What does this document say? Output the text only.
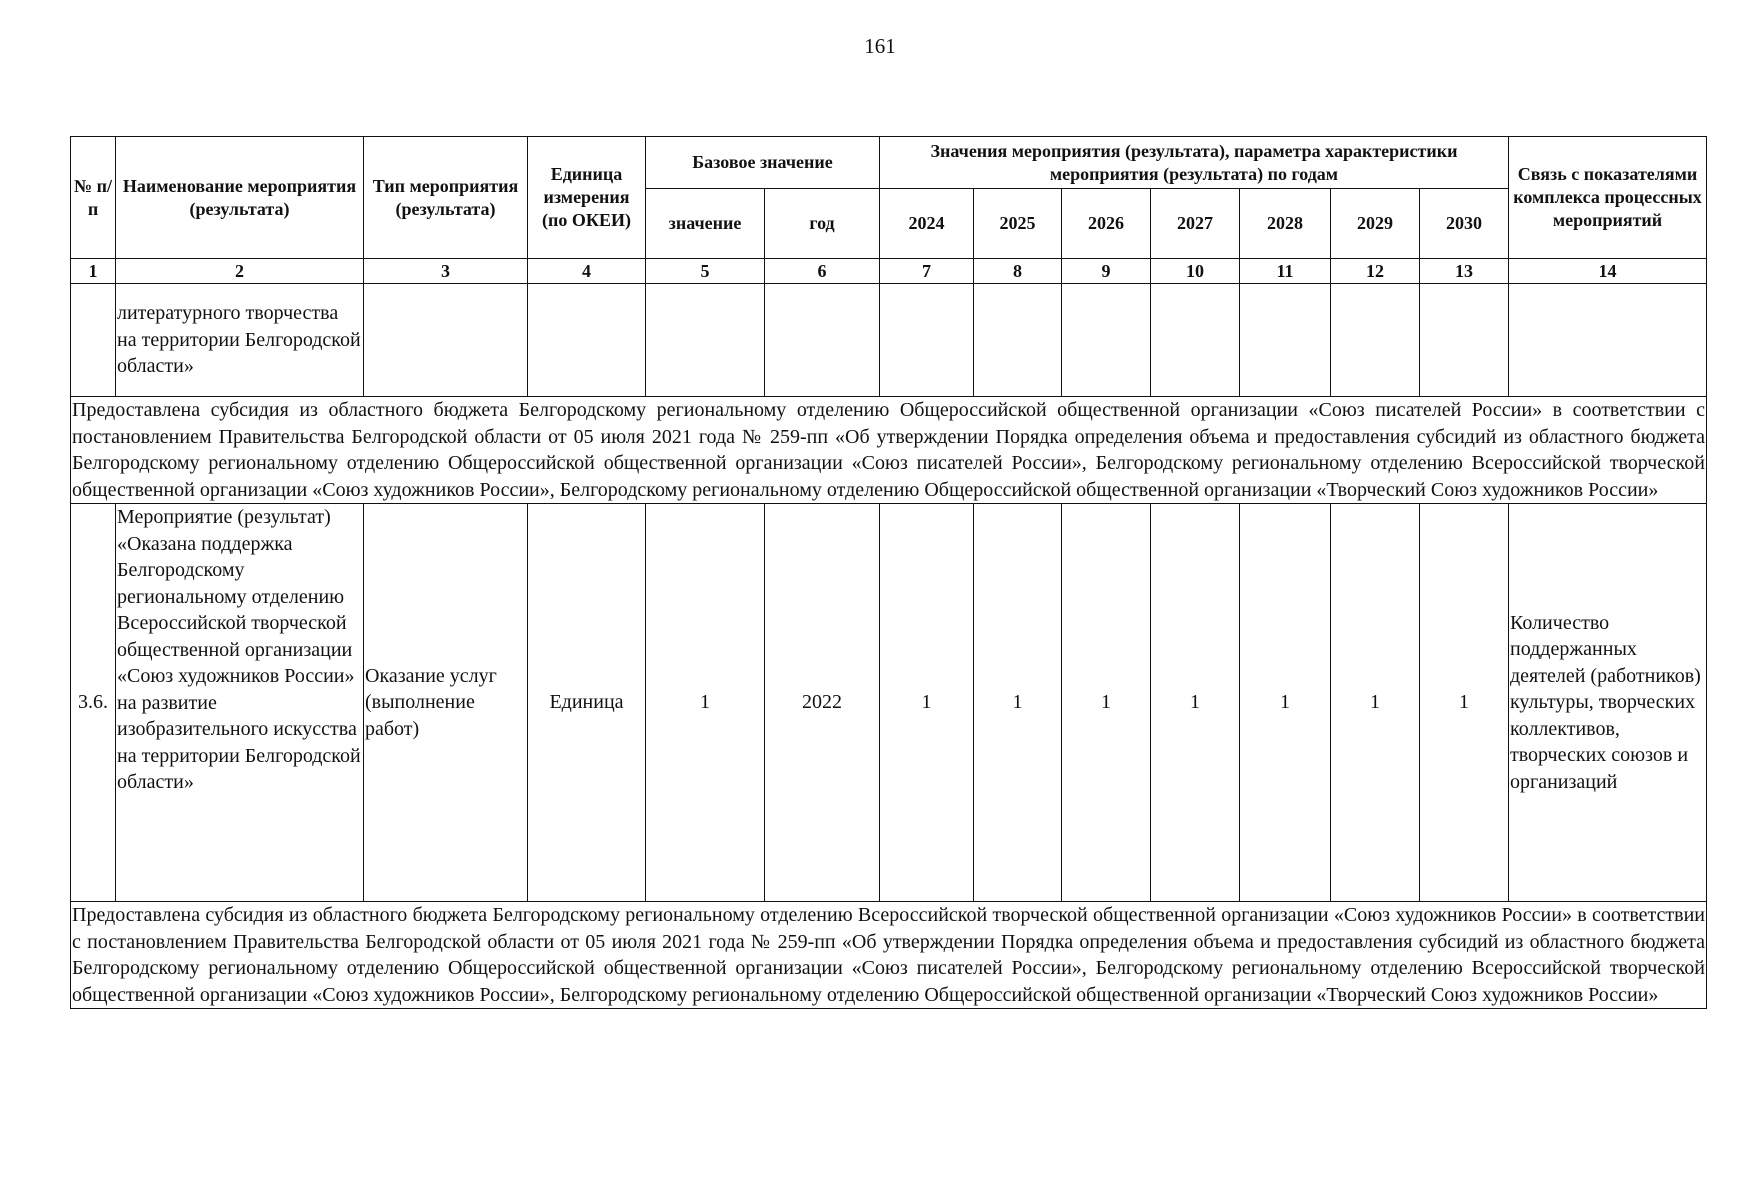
161
№ п/п	Наименование мероприятия (результата)	Тип мероприятия (результата)	Единица измерения (по ОКЕИ)	Базовое значение		Значения мероприятия (результата), параметра характеристики мероприятия (результата) по годам							Связь с показателями комплекса процессных мероприятий
				значение	год	2024	2025	2026	2027	2028	2029	2030	
1	2	3	4	5	6	7	8	9	10	11	12	13	14
	литературного творчества на территории Белгородской области»												
Предоставлена субсидия из областного бюджета Белгородскому региональному отделению Общероссийской общественной организации «Союз писателей России» в соответствии с постановлением Правительства Белгородской области от 05 июля 2021 года № 259-пп «Об утверждении Порядка определения объема и предоставления субсидий из областного бюджета Белгородскому региональному отделению Общероссийской общественной организации «Союз писателей России», Белгородскому региональному отделению Всероссийской творческой общественной организации «Союз художников России», Белгородскому региональному отделению Общероссийской общественной организации «Творческий Союз художников России»													
3.6.	Мероприятие (результат) «Оказана поддержка Белгородскому региональному отделению Всероссийской творческой общественной организации «Союз художников России» на развитие изобразительного искусства на территории Белгородской области»	Оказание услуг (выполнение работ)	Единица	1	2022	1	1	1	1	1	1	1	Количество поддержанных деятелей (работников) культуры, творческих коллективов, творческих союзов и организаций
Предоставлена субсидия из областного бюджета Белгородскому региональному отделению Всероссийской творческой общественной организации «Союз художников России» в соответствии с постановлением Правительства Белгородской области от 05 июля 2021 года № 259-пп «Об утверждении Порядка определения объема и предоставления субсидий из областного бюджета Белгородскому региональному отделению Общероссийской общественной организации «Союз писателей России», Белгородскому региональному отделению Всероссийской творческой общественной организации «Союз художников России», Белгородскому региональному отделению Общероссийской общественной организации «Творческий Союз художников России»													
